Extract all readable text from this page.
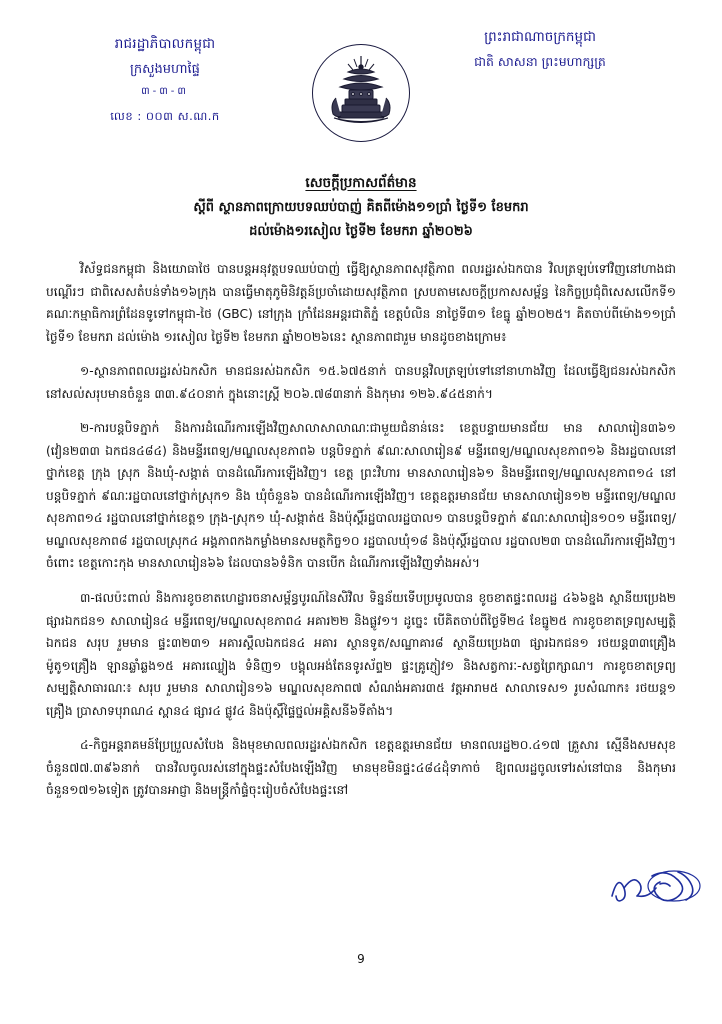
រាជរដ្ឋាភិបាលកម្ពុជា
ក្រសួងមហាផ្ទៃ
៣-៣-៣
លេខ : ០០៣ ស.ណ.ក
ព្រះរាជាណាចក្រកម្ពុជា
ជាតិ សាសនា ព្រះមហាក្សត្រ
សេចក្តីប្រកាសព័ត៌មាន
ស្តីពី ស្ថានភាពក្រោយបទឈប់បាញ់ គិតពីម៉ោង១១ប្រាំ ថ្ងៃទី១ ខែមករា
ដល់ម៉ោង១រសៀល ថ្ងៃទី២ ខែមករា ឆ្នាំ២០២៦

វិស័ទ្ធជនកម្ពុជា និងយោធាថៃ បានបន្តអនុវត្តបទឈប់បាញ់ ធ្វើឱ្យស្ថានភាពសុវត្ថិភាព ពលរដ្ឋរស់ឯកបាន វិលត្រឡប់ទៅវិញនៅហាងជាបណ្ដើរៗ ជាពិសេសតំបន់ទាំង១៦ក្រុង បានធ្វើមាតុភូមិនិវត្តន៍ប្រចាំដោយសុវត្ថិភាព ស្របតាមសេចក្តីប្រកាសសម្ព័ន្ធ នៃកិច្ចប្រជុំពិសេសលើកទី១ គណៈកម្មាធិការព្រំដែនទូទៅកម្ពុជា-ថៃ (GBC) នៅក្រុង ក្រាំដែនអន្តរជាតិភ្នំ ខេត្តបំលិន នាថ្ងៃទី៣១ ខែធ្នូ ឆ្នាំ២០២៥។ គិតចាប់ពីម៉ោង១១ប្រាំ ថ្ងៃទី១ ខែមករា ដល់ម៉ោង ១រសៀល ថ្ងៃទី២ ខែមករា ឆ្នាំ២០២៦នេះ ស្ថានភាពជារួម មានដូចខាងក្រោម៖

១-ស្ថានភាពពលរដ្ឋរស់ឯកសិក មានជនរស់ឯកសិក ១៥.៦៧៥នាក់ បានបន្តវិលត្រឡប់ទៅនៅនាហាងវិញ ដែលធ្វើឱ្យជនរស់ឯកសិកនៅសល់សរុបមានចំនួន ៣៣.៩៤០នាក់ ក្នុងនោះស្រ្តី ២០៦.៧៨៣នាក់ និងកុមារ ១២៦.៩៤៥នាក់។

២-ការបន្តបិទភ្នាក់ និងការដំណើរការឡើងវិញសាលាសាលាណៈជាមួយជំនាន់នេះ ខេត្តបន្ទាយមានជ័យ មាន សាលារៀន៣៦១ (វៀន២៣៣ ឯកជន៤៨៤) និងមន្ទីរពេទ្យ/មណ្ឌលសុខភាព៦ បន្តបិទភ្នាក់ ៩ណៈសាលារៀន៩ មន្ទីរពេទ្យ/មណ្ឌលសុខភាព១៦ និងរដ្ឋបាលនៅថ្នាក់ខេត្ត ក្រុង ស្រុក និងឃុំ-សង្កាត់ បានដំណើរការឡើងវិញ។ ខេត្ត ព្រះវិហារ មានសាលារៀន៦១ និងមន្ទីរពេទ្យ/មណ្ឌលសុខភាព១៤ នៅបន្តបិទភ្នាក់ ៩ណៈរដ្ឋបាលនៅថ្នាក់ស្រុក១ និង ឃុំចំនួន៦ បានដំណើរការឡើងវិញ។ ខេត្តឧត្តរមានជ័យ មានសាលារៀន១២ មន្ទីរពេទ្យ/មណ្ឌលសុខភាព១៤ រដ្ឋបាលនៅថ្នាក់ខេត្ត១ ក្រុង-ស្រុក១ ឃុំ-សង្កាត់៥ និងប៉ុស្តិ៍រដ្ឋបាលរដ្ឋបាល១ បានបន្តបិទភ្នាក់ ៩ណៈសាលារៀន១០១ មន្ទីរពេទ្យ/មណ្ឌលសុខភាព៨ រដ្ឋបាលស្រុក៤ អង្គភាពកងកម្លាំងមានសមត្ថកិច្ច១០ រដ្ឋបាលឃុំ១៨ និងប៉ុស្តិ៍រដ្ឋបាល រដ្ឋបាល២៣ បានដំណើរការឡើងវិញ។ ចំពោះ ខេត្តកោះកុង មានសាលារៀន៦៦ ដែលបាន៦ទំនិក បានបើក ដំណើរការឡើងវិញទាំងអស់។

៣-ផលប៉ះពាល់ និងការខូចខាតហេដ្ឋារចនាសម្ព័ន្ធបូរណ៍នៃសិវិល ទិន្នន័យទើបប្រមូលបាន ខូចខាតផ្ទះពលរដ្ឋ ៤៦៦ខ្នង ស្ថានីយប្រេង២ ផ្សារឯកជន១ សាលារៀន៤ មន្ទីរពេទ្យ/មណ្ឌលសុខភាព៤ អគារ២២ និងផ្លូវ១។ ដូច្នេះ បើគិតចាប់ពីថ្ងៃទី២៤ ខែធ្នូ២៥ ការខូចខាតទ្រព្យសម្បត្តិឯកជន សរុប រួមមាន ផ្ទះ៣២៣១ អគារស្តឹលឯកជន៤ អគារ ស្ថានទូត/សណ្ឋាគារ៨ ស្ថានីយប្រេង៣ ផ្សារឯកជន១ រថយន្ត៣៣គ្រឿង ម៉ូតូ១គ្រឿង ឡានឆ្លាំឆ្លង១៥ អគារឈ្លៀង ទំនិញ១ បង្គុលអង់តែនទូរស័ព្ទ២ ផ្ទះគ្រូភ្ញៀវ១ និងសត្វការៈ-សត្វព្រៃក្សាណ។ ការខូចខាតទ្រព្យសម្បត្តិសាធារណៈ៖ សរុប រួមមាន សាលារៀន១៦ មណ្ឌលសុខភាព៧ សំណង់អគារ៣៥ វត្តអារាម៥ សាលាទេស១ រូបសំណាក៖ រថយន្ត១ គ្រឿង ប្រាសាទបុរាណ៤ ស្ពាន៤ ផ្សារ៤ ផ្លូវ៤ និងប៉ុស្តិ៍ផ្ទៃថ្នល់អគ្គិសនី៦ទីតាំង។

៤-កិច្ចអន្តរាគមន៍ប្រែប្រួលសំបែង និងមុខមាលពលរដ្ឋរស់ឯកសិក ខេត្តឧត្តរមានជ័យ មានពលរដ្ឋ២០.៤១៧ គ្រួសារ ស្មើនឹងសមសុខចំនួន៧៧.៣៩៦នាក់ បានវិលចូលរស់នៅក្នុងផ្ទះសំបែងឡើងវិញ មានមុខមិនផ្ទះ៤៨៤ដុំទាកាច់ ឱ្យពលរដ្ឋចូលទៅរស់នៅបាន និងកុមារចំនួន១៧១៦ទៀត ត្រូវបានអាជ្ញា និងមន្ត្រីកាំផ្ទំចុះរៀបចំសំបែងផ្ទះនៅ

9
